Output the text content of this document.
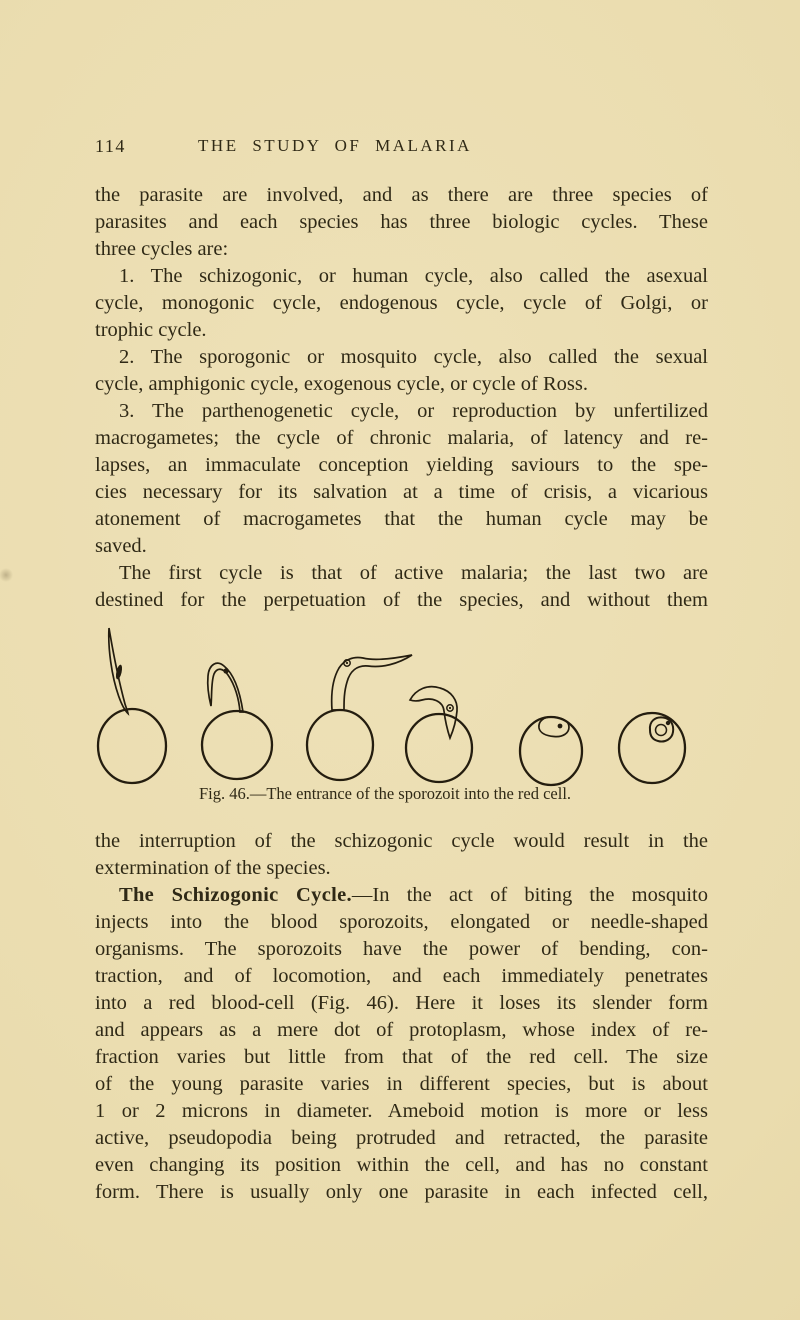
114	THE STUDY OF MALARIA
the parasite are involved, and as there are three species of
parasites and each species has three biologic cycles. These
three cycles are:
1. The schizogonic, or human cycle, also called the asexual
cycle, monogonic cycle, endogenous cycle, cycle of Golgi, or
trophic cycle.
2. The sporogonic or mosquito cycle, also called the sexual
cycle, amphigonic cycle, exogenous cycle, or cycle of Ross.
3. The parthenogenetic cycle, or reproduction by unfertilized
macrogametes; the cycle of chronic malaria, of latency and re-
lapses, an immaculate conception yielding saviours to the spe-
cies necessary for its salvation at a time of crisis, a vicarious
atonement of macrogametes that the human cycle may be
saved.
The first cycle is that of active malaria; the last two are
destined for the perpetuation of the species, and without them
Fig. 46.—The entrance of the sporozoit into the red cell.
the interruption of the schizogonic cycle would result in the
extermination of the species.
The Schizogonic Cycle.—In the act of biting the mosquito
injects into the blood sporozoits, elongated or needle-shaped
organisms. The sporozoits have the power of bending, con-
traction, and of locomotion, and each immediately penetrates
into a red blood-cell (Fig. 46). Here it loses its slender form
and appears as a mere dot of protoplasm, whose index of re-
fraction varies but little from that of the red cell. The size
of the young parasite varies in different species, but is about
1 or 2 microns in diameter. Ameboid motion is more or less
active, pseudopodia being protruded and retracted, the parasite
even changing its position within the cell, and has no constant
form. There is usually only one parasite in each infected cell,
